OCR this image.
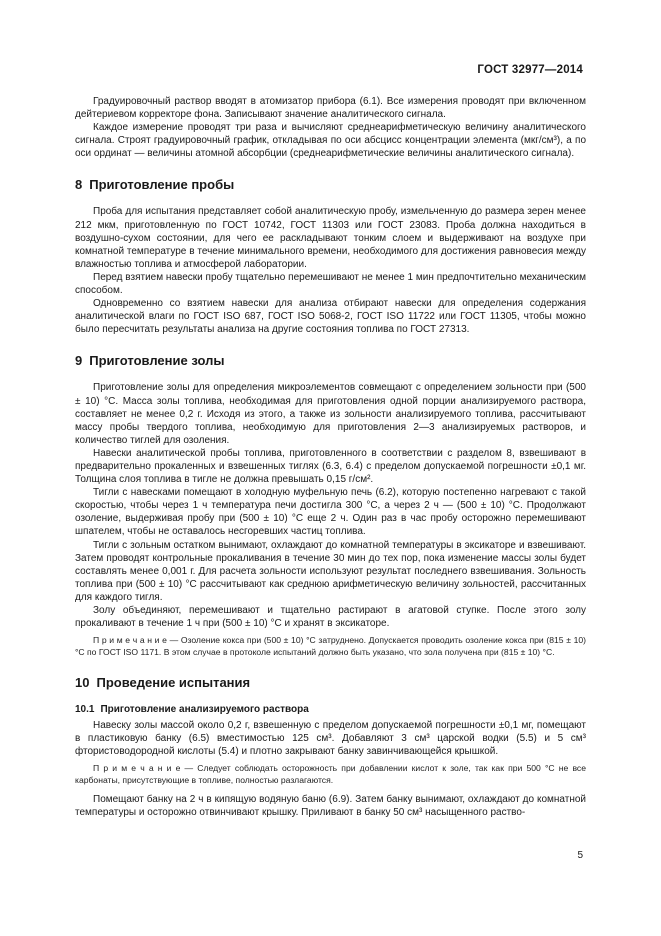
ГОСТ 32977—2014

Градуировочный раствор вводят в атомизатор прибора (6.1). Все измерения проводят при включенном дейтериевом корректоре фона. Записывают значение аналитического сигнала.

Каждое измерение проводят три раза и вычисляют среднеарифметическую величину аналитического сигнала. Строят градуировочный график, откладывая по оси абсцисс концентрации элемента (мкг/см³), а по оси ординат — величины атомной абсорбции (среднеарифметические величины аналитического сигнала).

8 Приготовление пробы

Проба для испытания представляет собой аналитическую пробу, измельченную до размера зерен менее 212 мкм, приготовленную по ГОСТ 10742, ГОСТ 11303 или ГОСТ 23083. Проба должна находиться в воздушно-сухом состоянии, для чего ее раскладывают тонким слоем и выдерживают на воздухе при комнатной температуре в течение минимального времени, необходимого для достижения равновесия между влажностью топлива и атмосферой лаборатории.

Перед взятием навески пробу тщательно перемешивают не менее 1 мин предпочтительно механическим способом.

Одновременно со взятием навески для анализа отбирают навески для определения содержания аналитической влаги по ГОСТ ISO 687, ГОСТ ISO 5068-2, ГОСТ ISO 11722 или ГОСТ 11305, чтобы можно было пересчитать результаты анализа на другие состояния топлива по ГОСТ 27313.

9 Приготовление золы

Приготовление золы для определения микроэлементов совмещают с определением зольности при (500 ± 10) °C. Масса золы топлива, необходимая для приготовления одной порции анализируемого раствора, составляет не менее 0,2 г. Исходя из этого, а также из зольности анализируемого топлива, рассчитывают массу пробы твердого топлива, необходимую для приготовления 2—3 анализируемых растворов, и количество тиглей для озоления.

Навески аналитической пробы топлива, приготовленного в соответствии с разделом 8, взвешивают в предварительно прокаленных и взвешенных тиглях (6.3, 6.4) с пределом допускаемой погрешности ±0,1 мг. Толщина слоя топлива в тигле не должна превышать 0,15 г/см².

Тигли с навесками помещают в холодную муфельную печь (6.2), которую постепенно нагревают с такой скоростью, чтобы через 1 ч температура печи достигла 300 °C, а через 2 ч — (500 ± 10) °C. Продолжают озоление, выдерживая пробу при (500 ± 10) °C еще 2 ч. Один раз в час пробу осторожно перемешивают шпателем, чтобы не оставалось несгоревших частиц топлива.

Тигли с зольным остатком вынимают, охлаждают до комнатной температуры в эксикаторе и взвешивают. Затем проводят контрольные прокаливания в течение 30 мин до тех пор, пока изменение массы золы будет составлять менее 0,001 г. Для расчета зольности используют результат последнего взвешивания. Зольность топлива при (500 ± 10) °C рассчитывают как среднюю арифметическую величину зольностей, рассчитанных для каждого тигля.

Золу объединяют, перемешивают и тщательно растирают в агатовой ступке. После этого золу прокаливают в течение 1 ч при (500 ± 10) °C и хранят в эксикаторе.

П р и м е ч а н и е — Озоление кокса при (500 ± 10) °C затруднено. Допускается проводить озоление кокса при (815 ± 10) °C по ГОСТ ISO 1171. В этом случае в протоколе испытаний должно быть указано, что зола получена при (815 ± 10) °C.
10 Проведение испытания
10.1 Приготовление анализируемого раствора

Навеску золы массой около 0,2 г, взвешенную с пределом допускаемой погрешности ±0,1 мг, помещают в пластиковую банку (6.5) вместимостью 125 см³. Добавляют 3 см³ царской водки (5.5) и 5 см³ фтористоводородной кислоты (5.4) и плотно закрывают банку завинчивающейся крышкой.

П р и м е ч а н и е — Следует соблюдать осторожность при добавлении кислот к золе, так как при 500 °C не все карбонаты, присутствующие в топливе, полностью разлагаются.

Помещают банку на 2 ч в кипящую водяную баню (6.9). Затем банку вынимают, охлаждают до комнатной температуры и осторожно отвинчивают крышку. Приливают в банку 50 см³ насыщенного раство-

5
